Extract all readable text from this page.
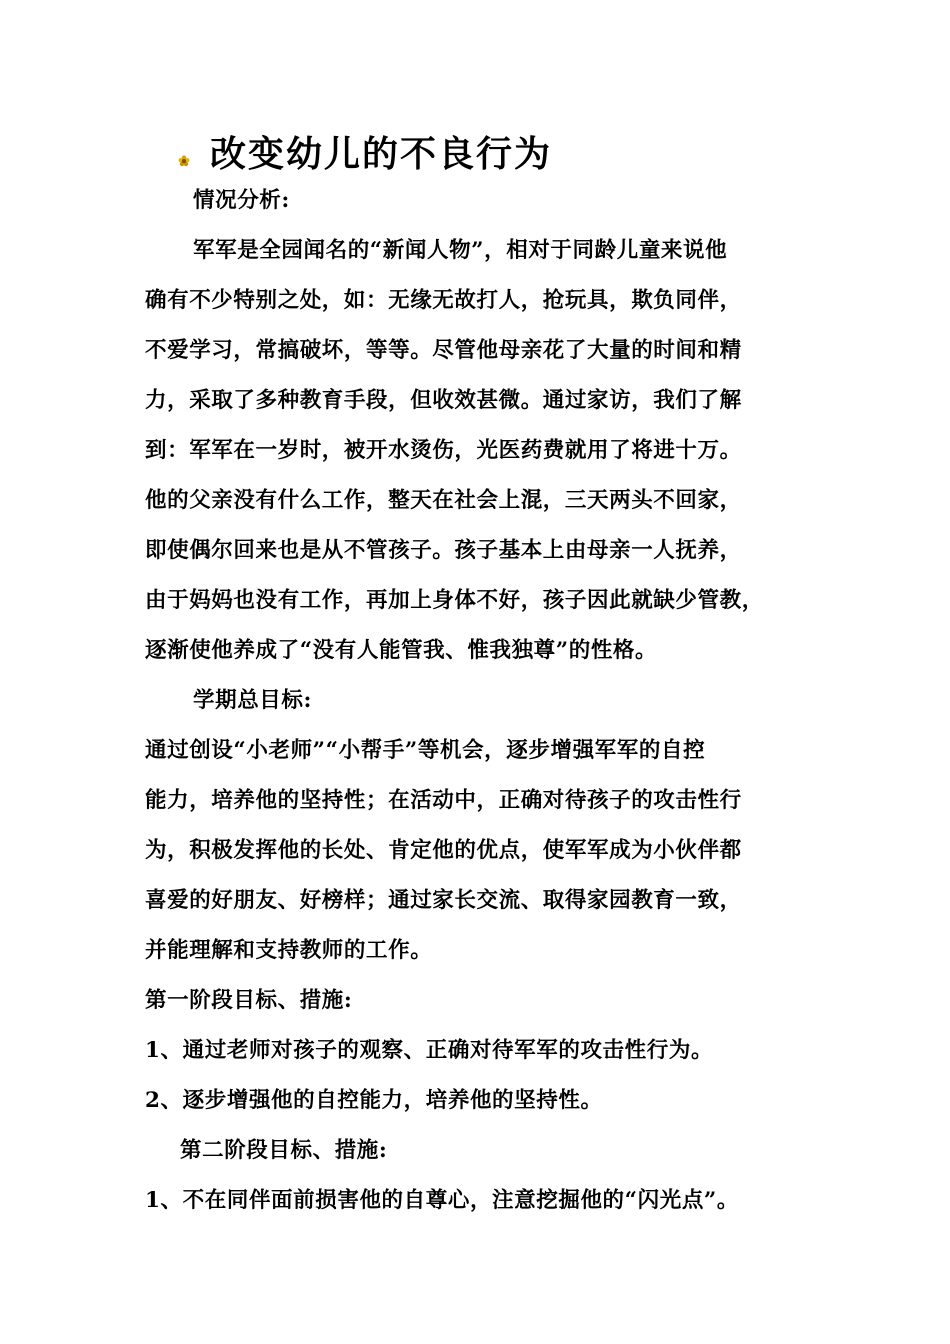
改变幼儿的不良行为
情况分析:
军军是全园闻名的“新闻人物”，相对于同龄儿童来说他
确有不少特别之处，如：无缘无故打人，抢玩具，欺负同伴，
不爱学习，常搞破坏，等等。尽管他母亲花了大量的时间和精
力，采取了多种教育手段，但收效甚微。通过家访，我们了解
到：军军在一岁时，被开水烫伤，光医药费就用了将进十万。
他的父亲没有什么工作，整天在社会上混，三天两头不回家，
即使偶尔回来也是从不管孩子。孩子基本上由母亲一人抚养，
由于妈妈也没有工作，再加上身体不好，孩子因此就缺少管教，
逐渐使他养成了“没有人能管我、惟我独尊”的性格。
学期总目标:
通过创设“小老师”“小帮手”等机会，逐步增强军军的自控
能力，培养他的坚持性；在活动中，正确对待孩子的攻击性行
为，积极发挥他的长处、肯定他的优点，使军军成为小伙伴都
喜爱的好朋友、好榜样；通过家长交流、取得家园教育一致，
并能理解和支持教师的工作。
第一阶段目标、措施:
1、通过老师对孩子的观察、正确对待军军的攻击性行为。
2、逐步增强他的自控能力，培养他的坚持性。
第二阶段目标、措施:
1、不在同伴面前损害他的自尊心，注意挖掘他的“闪光点”。
